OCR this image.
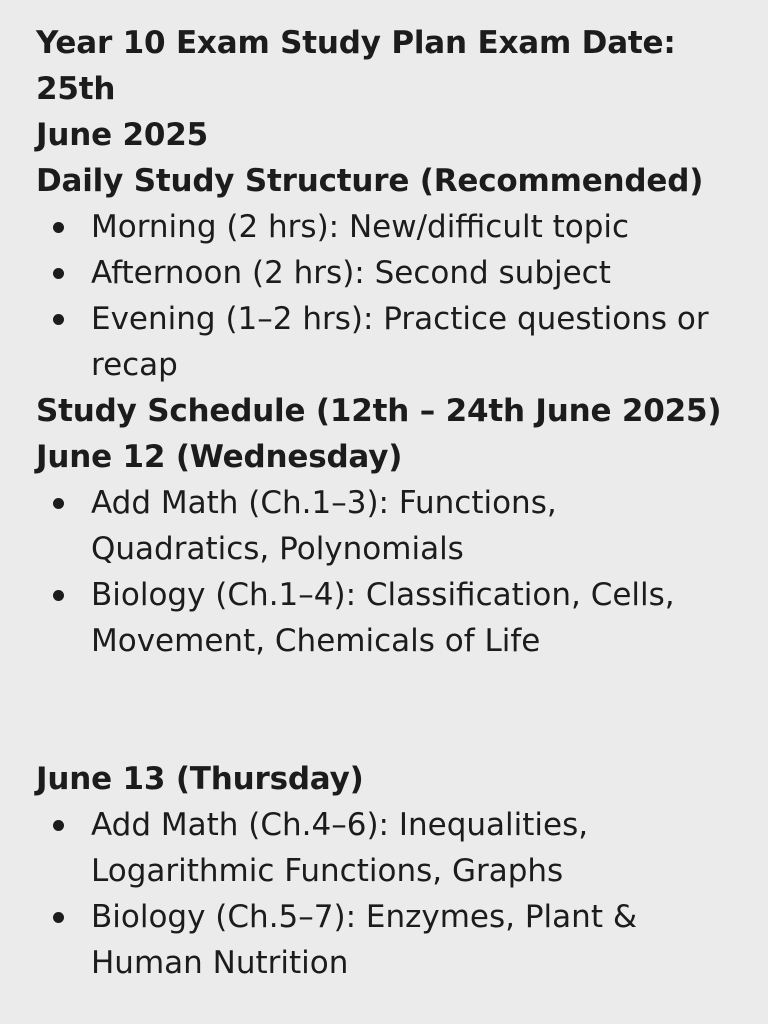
Year 10 Exam Study Plan Exam Date: 25th
June 2025
Daily Study Structure (Recommended)
Morning (2 hrs): New/difficult topic
Afternoon (2 hrs): Second subject
Evening (1–2 hrs): Practice questions or recap
Study Schedule (12th – 24th June 2025)
June 12 (Wednesday)
Add Math (Ch.1–3): Functions, Quadratics, Polynomials
Biology (Ch.1–4): Classification, Cells, Movement, Chemicals of Life
June 13 (Thursday)
Add Math (Ch.4–6): Inequalities, Logarithmic Functions, Graphs
Biology (Ch.5–7): Enzymes, Plant & Human Nutrition
